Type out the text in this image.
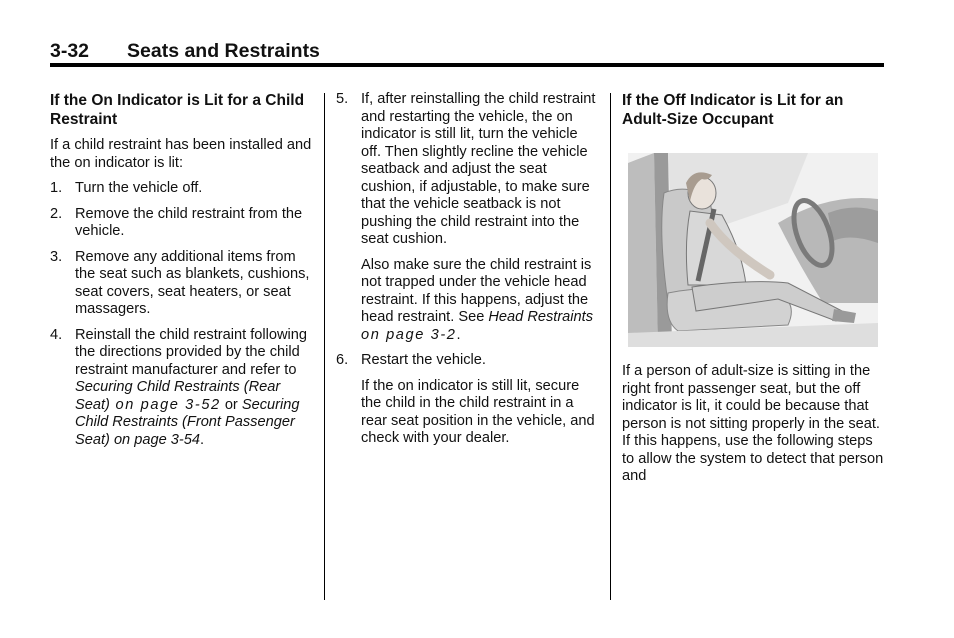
3-32 Seats and Restraints
If the On Indicator is Lit for a Child Restraint

If a child restraint has been installed and the on indicator is lit:

1. Turn the vehicle off.
2. Remove the child restraint from the vehicle.
3. Remove any additional items from the seat such as blankets, cushions, seat covers, seat heaters, or seat massagers.
4. Reinstall the child restraint following the directions provided by the child restraint manufacturer and refer to Securing Child Restraints (Rear Seat) on page 3-52 or Securing Child Restraints (Front Passenger Seat) on page 3-54.
5. If, after reinstalling the child restraint and restarting the vehicle, the on indicator is still lit, turn the vehicle off. Then slightly recline the vehicle seatback and adjust the seat cushion, if adjustable, to make sure that the vehicle seatback is not pushing the child restraint into the seat cushion.
Also make sure the child restraint is not trapped under the vehicle head restraint. If this happens, adjust the head restraint. See Head Restraints on page 3-2.
6. Restart the vehicle.
If the on indicator is still lit, secure the child in the child restraint in a rear seat position in the vehicle, and check with your dealer.
If the Off Indicator is Lit for an Adult-Size Occupant

If a person of adult-size is sitting in the right front passenger seat, but the off indicator is lit, it could be because that person is not sitting properly in the seat. If this happens, use the following steps to allow the system to detect that person and
